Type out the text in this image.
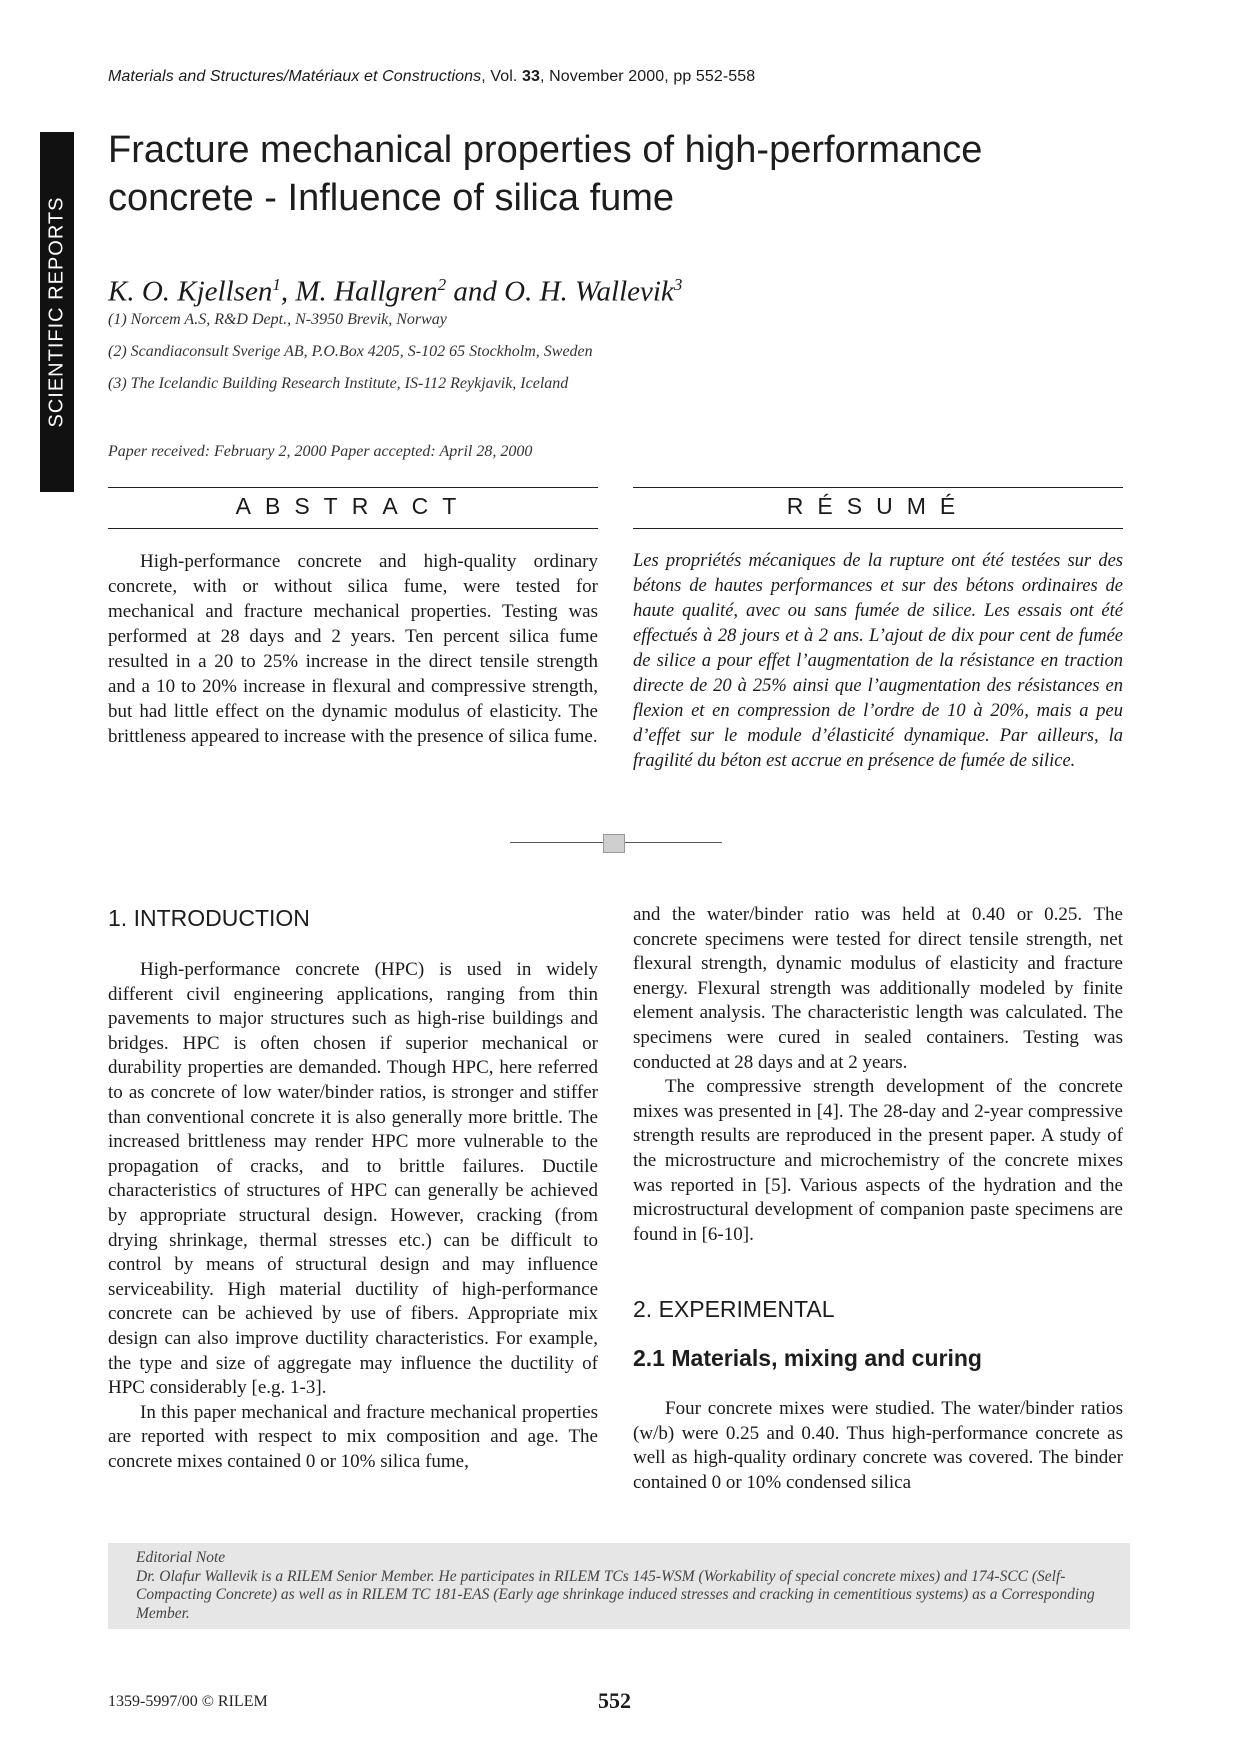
Materials and Structures/Matériaux et Constructions, Vol. 33, November 2000, pp 552-558
SCIENTIFIC REPORTS
Fracture mechanical properties of high-performance
concrete - Influence of silica fume
K. O. Kjellsen$^1$, M. Hallgren$^2$ and O. H. Wallevik$^3$
(1) Norcem A.S, R&D Dept., N-3950 Brevik, Norway
(2) Scandiaconsult Sverige AB, P.O.Box 4205, S-102 65 Stockholm, Sweden
(3) The Icelandic Building Research Institute, IS-112 Reykjavik, Iceland
Paper received: February 2, 2000 Paper accepted: April 28, 2000
ABSTRACT
High-performance concrete and high-quality ordinary concrete, with or without silica fume, were tested for mechanical and fracture mechanical properties. Testing was performed at 28 days and 2 years. Ten percent silica fume resulted in a 20 to 25% increase in the direct tensile strength and a 10 to 20% increase in flexural and compressive strength, but had little effect on the dynamic modulus of elasticity. The brittleness appeared to increase with the presence of silica fume.
RÉSUMÉ
Les propriétés mécaniques de la rupture ont été testées sur des bétons de hautes performances et sur des bétons ordinaires de haute qualité, avec ou sans fumée de silice. Les essais ont été effectués à 28 jours et à 2 ans. L’ajout de dix pour cent de fumée de silice a pour effet l’augmentation de la résistance en traction directe de 20 à 25% ainsi que l’augmentation des résistances en flexion et en compression de l’ordre de 10 à 20%, mais a peu d’effet sur le module d’élasticité dynamique. Par ailleurs, la fragilité du béton est accrue en présence de fumée de silice.
1. INTRODUCTION

High-performance concrete (HPC) is used in widely different civil engineering applications, ranging from thin pavements to major structures such as high-rise buildings and bridges. HPC is often chosen if superior mechanical or durability properties are demanded. Though HPC, here referred to as concrete of low water/binder ratios, is stronger and stiffer than conventional concrete it is also generally more brittle. The increased brittleness may render HPC more vulnerable to the propagation of cracks, and to brittle failures. Ductile characteristics of structures of HPC can generally be achieved by appropriate structural design. However, cracking (from drying shrinkage, thermal stresses etc.) can be difficult to control by means of structural design and may influence serviceability. High material ductility of high-performance concrete can be achieved by use of fibers. Appropriate mix design can also improve ductility characteristics. For example, the type and size of aggregate may influence the ductility of HPC considerably [e.g. 1-3].

In this paper mechanical and fracture mechanical properties are reported with respect to mix composition and age. The concrete mixes contained 0 or 10% silica fume,

and the water/binder ratio was held at 0.40 or 0.25. The concrete specimens were tested for direct tensile strength, net flexural strength, dynamic modulus of elasticity and fracture energy. Flexural strength was additionally modeled by finite element analysis. The characteristic length was calculated. The specimens were cured in sealed containers. Testing was conducted at 28 days and at 2 years.

The compressive strength development of the concrete mixes was presented in [4]. The 28-day and 2-year compressive strength results are reproduced in the present paper. A study of the microstructure and microchemistry of the concrete mixes was reported in [5]. Various aspects of the hydration and the microstructural development of companion paste specimens are found in [6-10].

2. EXPERIMENTAL
2.1 Materials, mixing and curing

Four concrete mixes were studied. The water/binder ratios (w/b) were 0.25 and 0.40. Thus high-performance concrete as well as high-quality ordinary concrete was covered. The binder contained 0 or 10% condensed silica

Editorial Note
Dr. Olafur Wallevik is a RILEM Senior Member. He participates in RILEM TCs 145-WSM (Workability of special concrete mixes) and 174-SCC (Self-Compacting Concrete) as well as in RILEM TC 181-EAS (Early age shrinkage induced stresses and cracking in cementitious systems) as a Corresponding Member.
1359-5997/00 © RILEM	552
